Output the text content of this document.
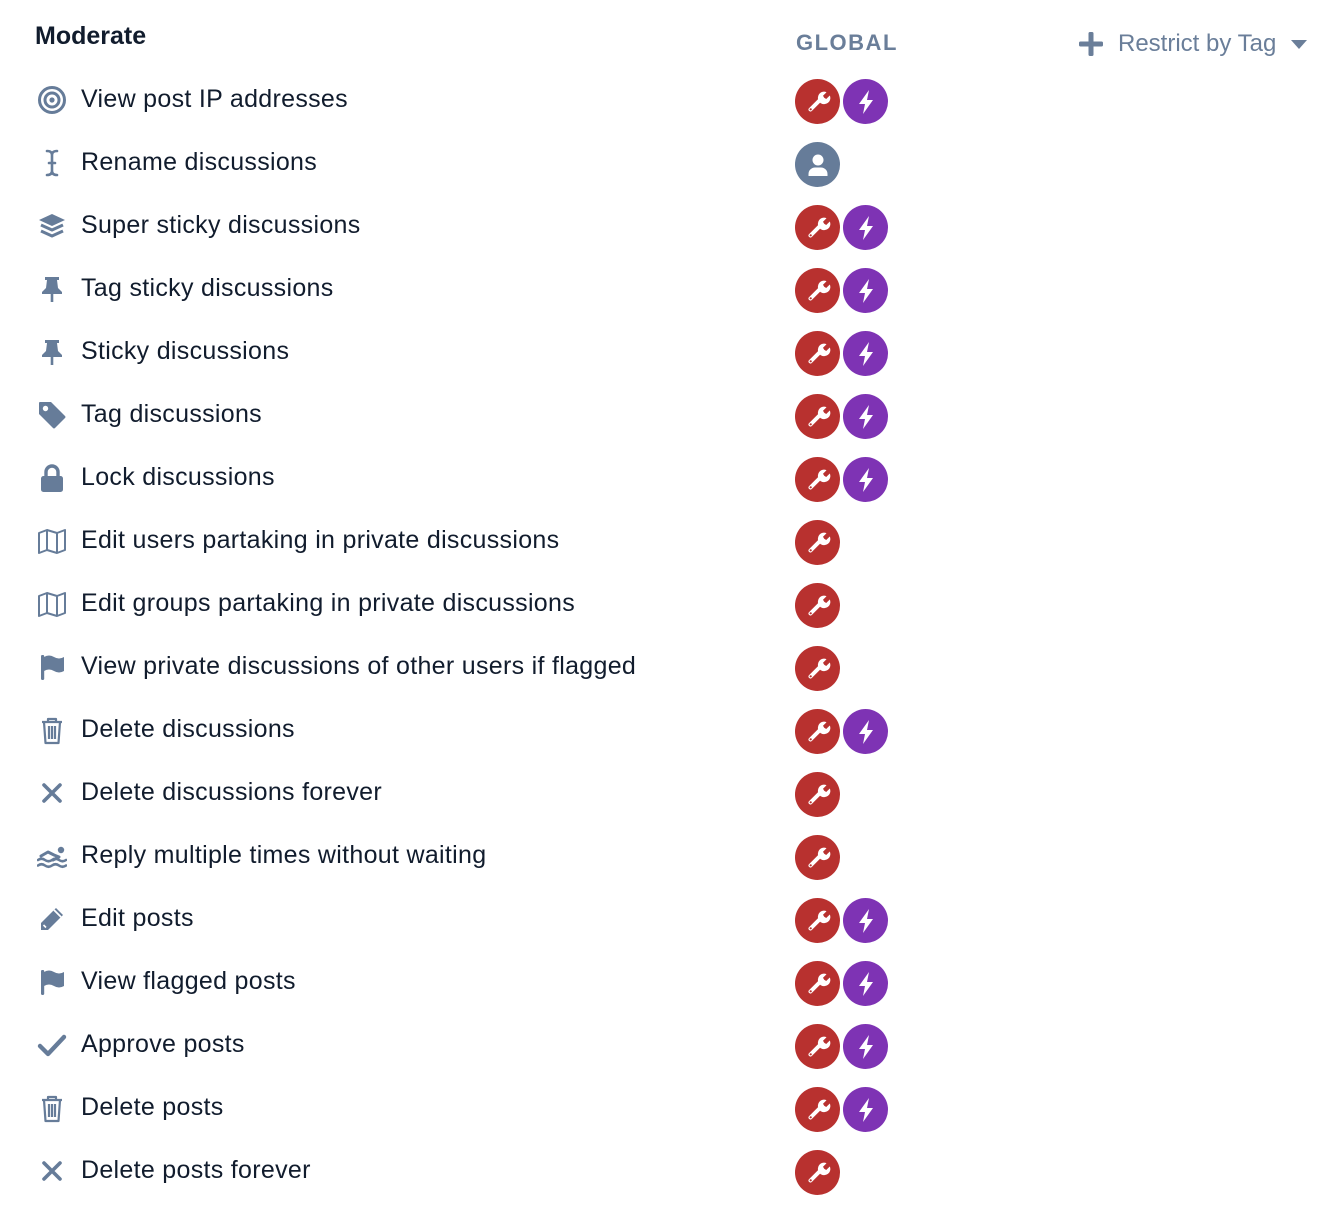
Moderate	GLOBAL	Restrict by Tag
View post IP addresses
Rename discussions
Super sticky discussions
Tag sticky discussions
Sticky discussions
Tag discussions
Lock discussions
Edit users partaking in private discussions
Edit groups partaking in private discussions
View private discussions of other users if flagged
Delete discussions
Delete discussions forever
Reply multiple times without waiting
Edit posts
View flagged posts
Approve posts
Delete posts
Delete posts forever
